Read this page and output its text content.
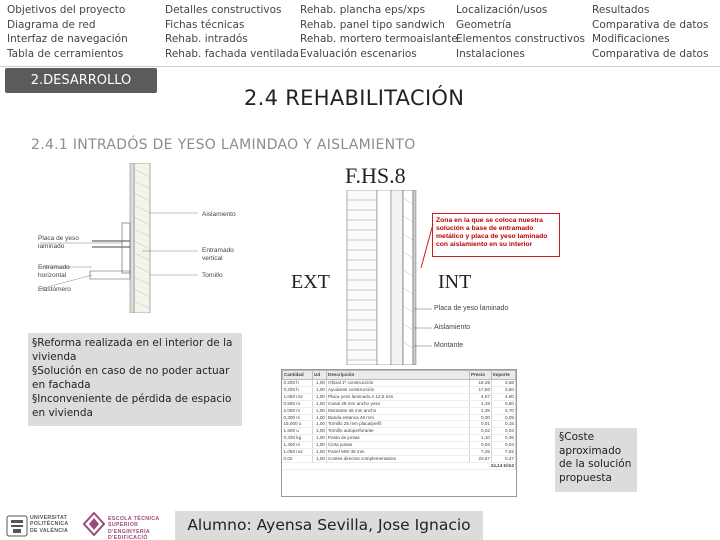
Objetivos del proyecto
Diagrama de red
Interfaz de navegación
Tabla de cerramientos
Detalles constructivos
Fichas técnicas
Rehab. intradós
Rehab. fachada ventilada
Rehab. plancha eps/xps
Rehab. panel tipo sandwich
Rehab. mortero termoaislante
Evaluación escenarios
Localización/usos
Geometría
Elementos constructivos
Instalaciones
Resultados
Comparativa de datos
Modificaciones
Comparativa de datos
2.DESARROLLO
2.4 REHABILITACIÓN
2.4.1 INTRADÓS DE YESO LAMINDAO Y AISLAMIENTO
Aislamiento
Placa de yeso laminado
Entramado vertical
Entramado horizontal	Tornillo
Elastómero
F.HS.8
EXT	INT
Zona en la que se coloca nuestra solución a base de entramado metálico y placa de yeso laminado con aislamiento en su interior
Placa de yeso laminado
Aislamiento
Montante
§Reforma realizada en el interior de la vivienda
§Solución en caso de no poder actuar en fachada
§Inconveniente de pérdida de espacio en vivienda
Cantidad	Ud	Descripción	Precio	Importe
0,200 h	1,00	Oficial 1ª construcción	18,35	3,68
0,200 h	1,00	Ayudante construcción	17,50	3,50
1,050 m2	1,00	Placa yeso laminado A 12,5 mm	4,67	4,90
0,500 m	1,00	Canal 48 mm ancho yeso	1,19	0,60
2,000 m	1,00	Montante 48 mm ancho	1,35	2,70
0,300 m	1,00	Banda estanca 46 mm	0,30	0,09
15,000 u	1,00	Tornillo 25 mm placa/perfil	0,01	0,15
1,600 u	1,00	Tornillo autoperforante	0,02	0,03
0,330 kg	1,00	Pasta de juntas	1,10	0,36
1,400 m	1,00	Cinta juntas	0,03	0,04
1,050 m2	1,00	Panel MW 45 mm	7,25	7,62
0,02	1,00	Costes directos complementarios	23,67	0,47
24,14 €/m2				
§Coste
aproximado
de la solución
propuesta
UNIVERSITAT
POLITÈCNICA
DE VALÈNCIA
ESCOLA TÈCNICA
SUPERIOR
D'ENGINYERIA
D'EDIFICACIÓ
Alumno: Ayensa Sevilla, Jose Ignacio
